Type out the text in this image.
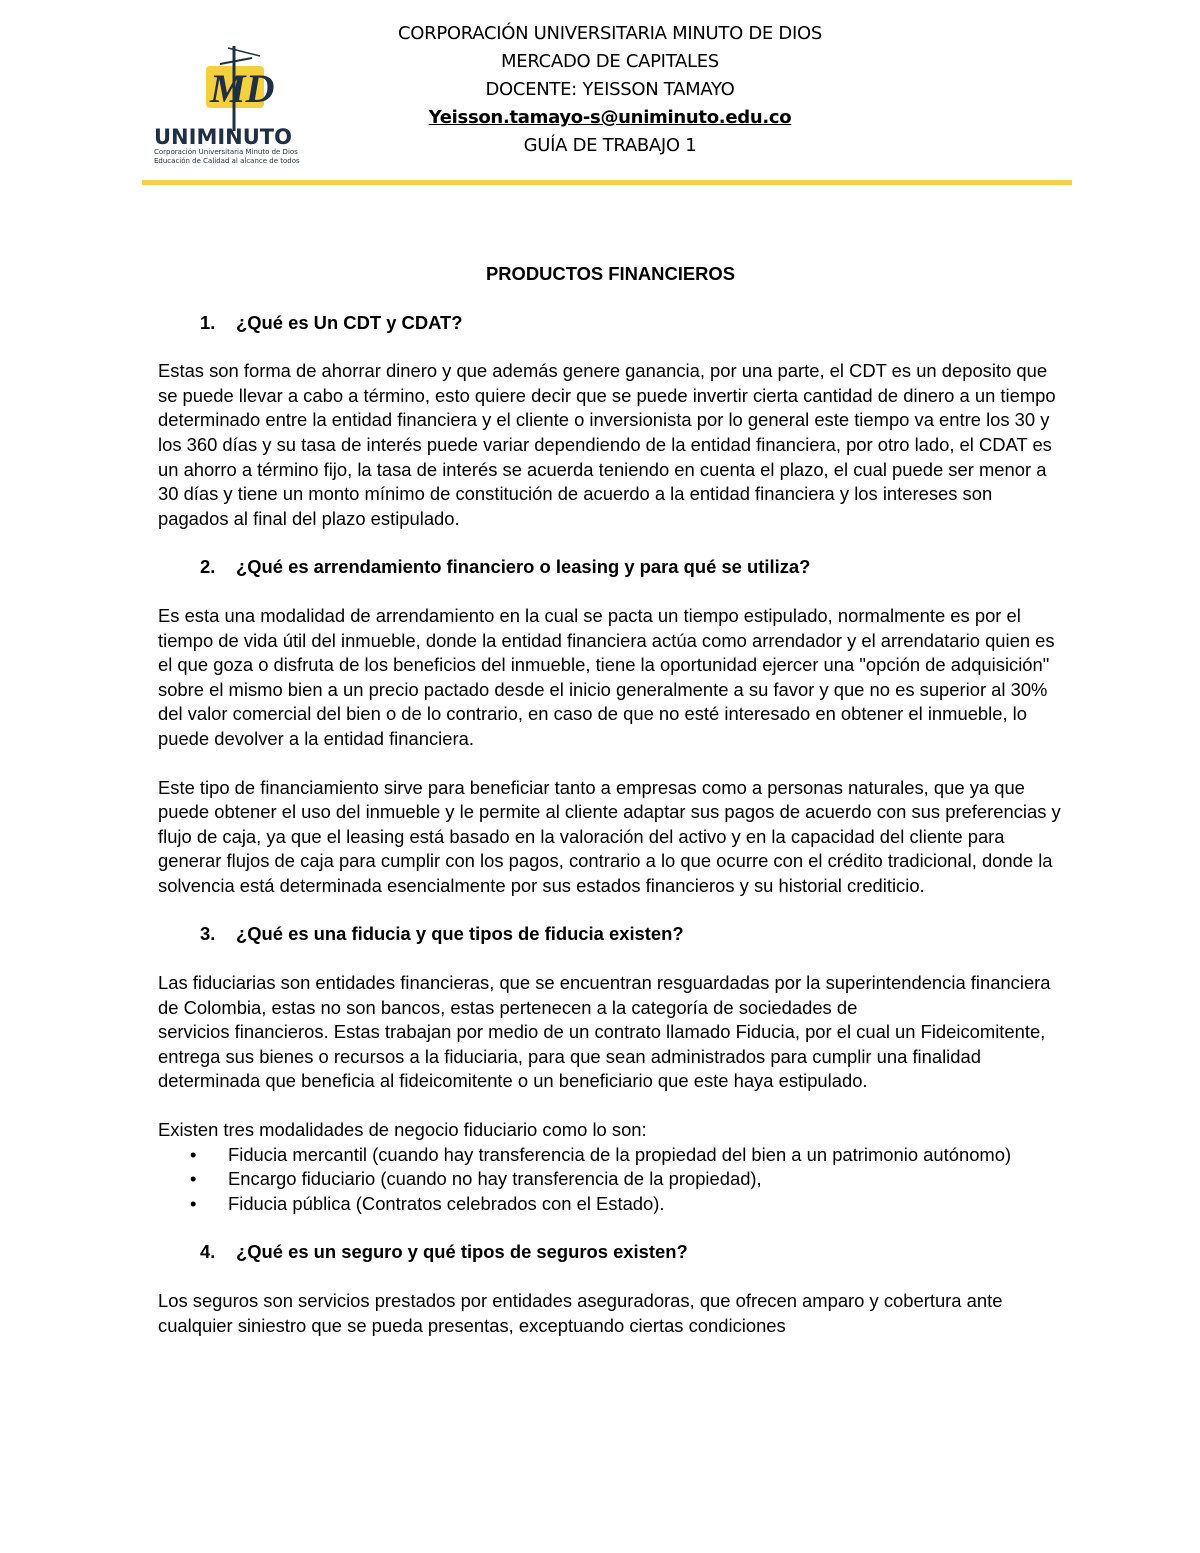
MD
UNIMINUTO
Corporación Universitaria Minuto de Dios
Educación de Calidad al alcance de todos
CORPORACIÓN UNIVERSITARIA MINUTO DE DIOS
MERCADO DE CAPITALES
DOCENTE: YEISSON TAMAYO
Yeisson.tamayo-s@uniminuto.edu.co
GUÍA DE TRABAJO 1

PRODUCTOS FINANCIEROS

1. ¿Qué es Un CDT y CDAT?

Estas son forma de ahorrar dinero y que además genere ganancia, por una parte, el CDT es un deposito que se puede llevar a cabo a término, esto quiere decir que se puede invertir cierta cantidad de dinero a un tiempo determinado entre la entidad financiera y el cliente o inversionista por lo general este tiempo va entre los 30 y los 360 días y su tasa de interés puede variar dependiendo de la entidad financiera, por otro lado, el CDAT es un ahorro a término fijo, la tasa de interés se acuerda teniendo en cuenta el plazo, el cual puede ser menor a 30 días y tiene un monto mínimo de constitución de acuerdo a la entidad financiera y los intereses son pagados al final del plazo estipulado.

2. ¿Qué es arrendamiento financiero o leasing y para qué se utiliza?

Es esta una modalidad de arrendamiento en la cual se pacta un tiempo estipulado, normalmente es por el tiempo de vida útil del inmueble, donde la entidad financiera actúa como arrendador y el arrendatario quien es el que goza o disfruta de los beneficios del inmueble, tiene la oportunidad ejercer una "opción de adquisición" sobre el mismo bien a un precio pactado desde el inicio generalmente a su favor y que no es superior al 30% del valor comercial del bien o de lo contrario, en caso de que no esté interesado en obtener el inmueble, lo puede devolver a la entidad financiera.

Este tipo de financiamiento sirve para beneficiar tanto a empresas como a personas naturales, que ya que puede obtener el uso del inmueble y le permite al cliente adaptar sus pagos de acuerdo con sus preferencias y flujo de caja, ya que el leasing está basado en la valoración del activo y en la capacidad del cliente para generar flujos de caja para cumplir con los pagos, contrario a lo que ocurre con el crédito tradicional, donde la solvencia está determinada esencialmente por sus estados financieros y su historial crediticio.

3. ¿Qué es una fiducia y que tipos de fiducia existen?

Las fiduciarias son entidades financieras, que se encuentran resguardadas por la superintendencia financiera de Colombia, estas no son bancos, estas pertenecen a la categoría de sociedades de

servicios financieros. Estas trabajan por medio de un contrato llamado Fiducia, por el cual un Fideicomitente, entrega sus bienes o recursos a la fiduciaria, para que sean administrados para cumplir una finalidad determinada que beneficia al fideicomitente o un beneficiario que este haya estipulado.

Existen tres modalidades de negocio fiduciario como lo son:

• Fiducia mercantil (cuando hay transferencia de la propiedad del bien a un patrimonio autónomo)
• Encargo fiduciario (cuando no hay transferencia de la propiedad),
• Fiducia pública (Contratos celebrados con el Estado).

4. ¿Qué es un seguro y qué tipos de seguros existen?

Los seguros son servicios prestados por entidades aseguradoras, que ofrecen amparo y cobertura ante cualquier siniestro que se pueda presentas, exceptuando ciertas condiciones
